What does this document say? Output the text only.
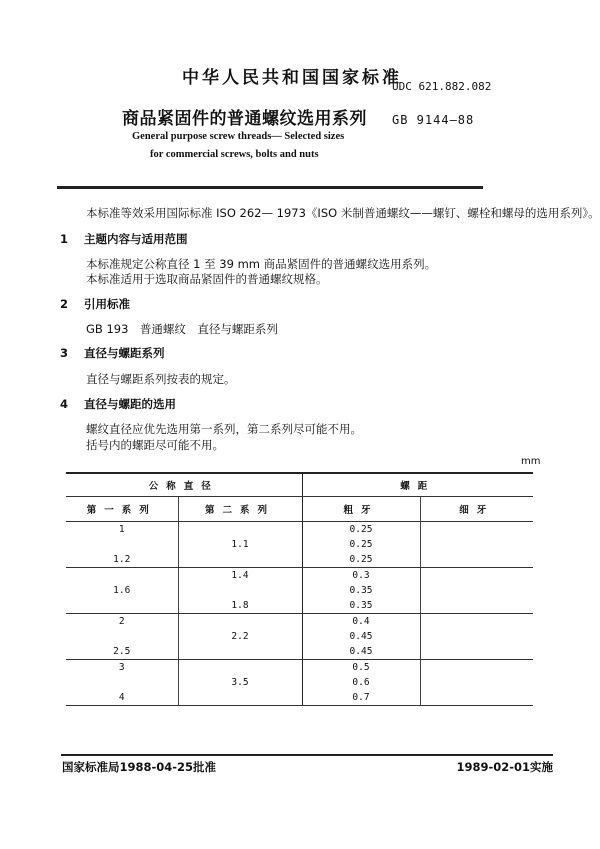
中华人民共和国国家标准
UDC 621.882.082
商品紧固件的普通螺纹选用系列 GB 9144—88
General purpose screw threads— Selected sizes
for commercial screws, bolts and nuts
本标准等效采用国际标准 ISO 262— 1973《ISO 米制普通螺纹——螺钉、螺栓和螺母的选用系列》。
1 主题内容与适用范围
本标准规定公称直径 1 至 39 mm 商品紧固件的普通螺纹选用系列。
本标准适用于选取商品紧固件的普通螺纹规格。
2 引用标准
GB 193　普通螺纹　直径与螺距系列
3 直径与螺距系列
直径与螺距系列按表的规定。
4 直径与螺距的选用
螺纹直径应优先选用第一系列，第二系列尽可能不用。
括号内的螺距尽可能不用。
mm
公称直径		螺距	
第一系列	第二系列	粗牙	细牙
1		0.25	
	1.1	0.25	
1.2		0.25	
	1.4	0.3	
1.6		0.35	
	1.8	0.35	
2		0.4	
	2.2	0.45	
2.5		0.45	
3		0.5	
	3.5	0.6	
4		0.7	
国家标准局1988-04-25批准	1989-02-01实施
